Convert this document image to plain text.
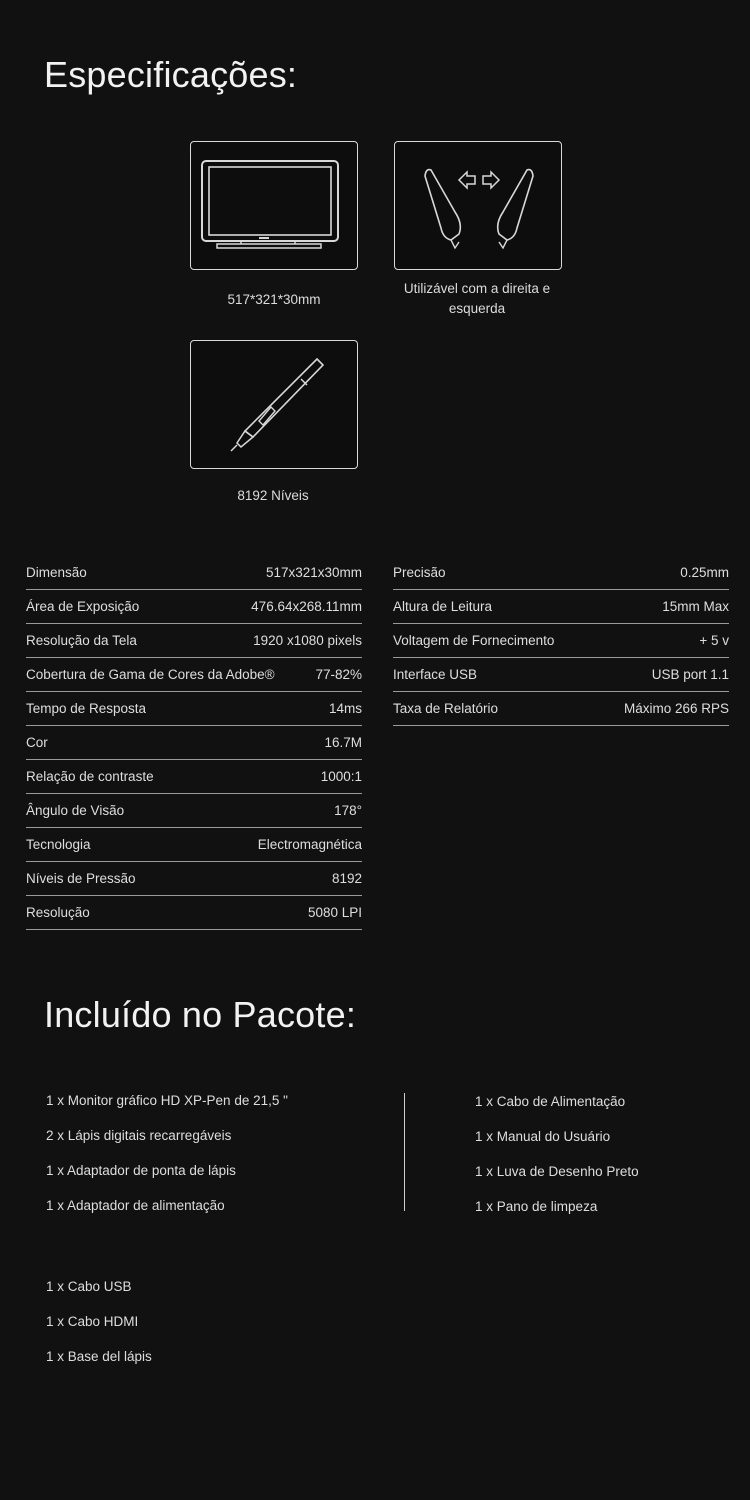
Especificações:
517*321*30mm
Utilizável com a direita e esquerda
8192 Níveis
Dimensão	517x321x30mm
Área de Exposição	476.64x268.11mm
Resolução da Tela	1920 x1080 pixels
Cobertura de Gama de Cores da Adobe®	77-82%
Tempo de Resposta	14ms
Cor	16.7M
Relação de contraste	1000:1
Ângulo de Visão	178°
Tecnologia	Electromagnética
Níveis de Pressão	8192
Resolução	5080 LPI
Precisão	0.25mm
Altura de Leitura	15mm Max
Voltagem de Fornecimento	+ 5 v
Interface USB	USB port 1.1
Taxa de Relatório	Máximo 266 RPS
Incluído no Pacote:
1 x Monitor gráfico HD XP-Pen de 21,5 "
2 x Lápis digitais recarregáveis
1 x Adaptador de ponta de lápis
1 x Adaptador de alimentação
1 x Cabo de Alimentação
1 x Manual do Usuário
1 x Luva de Desenho Preto
1 x Pano de limpeza
1 x Cabo USB
1 x Cabo HDMI
1 x Base del lápis
